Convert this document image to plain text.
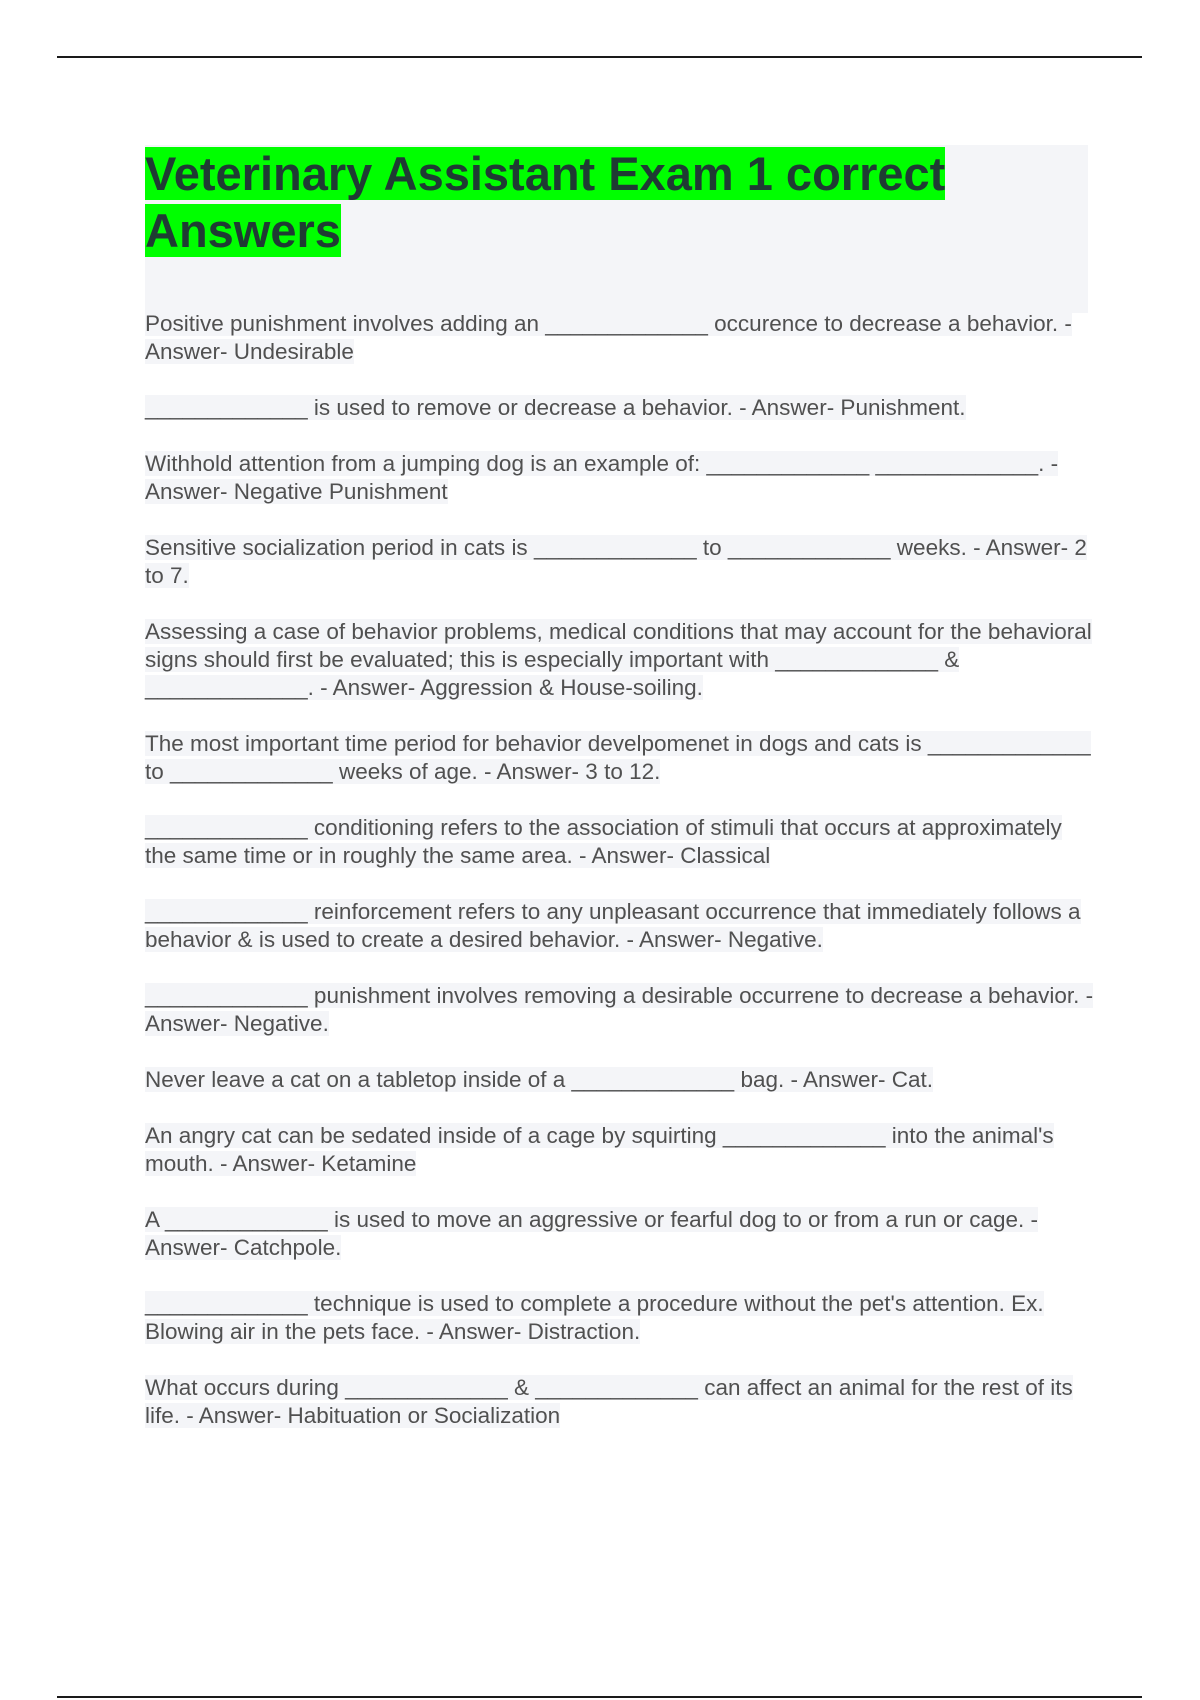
Veterinary Assistant Exam 1 correct Answers
Positive punishment involves adding an _____________ occurence to decrease a behavior. - Answer- Undesirable
_____________ is used to remove or decrease a behavior. - Answer- Punishment.
Withhold attention from a jumping dog is an example of: _____________ _____________. - Answer- Negative Punishment
Sensitive socialization period in cats is _____________ to _____________ weeks. - Answer- 2 to 7.
Assessing a case of behavior problems, medical conditions that may account for the behavioral signs should first be evaluated; this is especially important with _____________ & _____________. - Answer- Aggression & House-soiling.
The most important time period for behavior develpomenet in dogs and cats is _____________ to _____________ weeks of age. - Answer- 3 to 12.
_____________ conditioning refers to the association of stimuli that occurs at approximately the same time or in roughly the same area. - Answer- Classical
_____________ reinforcement refers to any unpleasant occurrence that immediately follows a behavior & is used to create a desired behavior. - Answer- Negative.
_____________ punishment involves removing a desirable occurrene to decrease a behavior. - Answer- Negative.
Never leave a cat on a tabletop inside of a _____________ bag. - Answer- Cat.
An angry cat can be sedated inside of a cage by squirting _____________ into the animal's mouth. - Answer- Ketamine
A _____________ is used to move an aggressive or fearful dog to or from a run or cage. - Answer- Catchpole.
_____________ technique is used to complete a procedure without the pet's attention. Ex. Blowing air in the pets face. - Answer- Distraction.
What occurs during _____________ & _____________ can affect an animal for the rest of its life. - Answer- Habituation or Socialization
